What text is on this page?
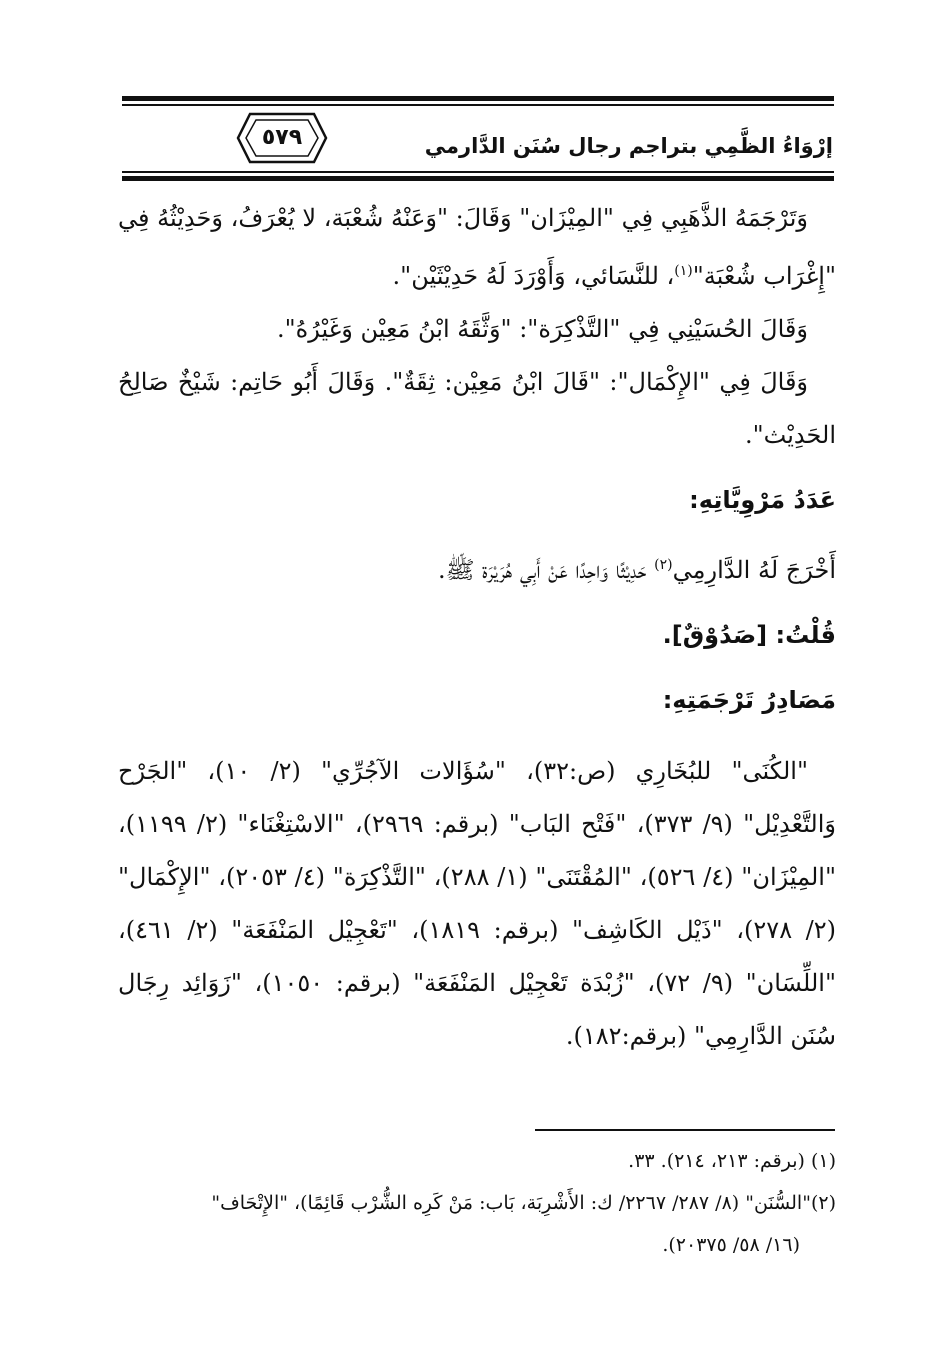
٥٧٩	إرْوَاءُ الظَّمِي بتراجم رجال سُنَن الدَّارمي

وَتَرْجَمَهُ الذَّهَبِي فِي "المِيْزَان" وَقَالَ: "وَعَنْهُ شُعْبَة، لا يُعْرَفُ، وَحَدِيْثُهُ فِي "إِغْرَاب شُعْبَة"$^{(١)}$، للنَّسَائي، وَأَوْرَدَ لَهُ حَدِيْثَيْن".

وَقَالَ الحُسَيْنِي فِي "التَّذْكِرَة": "وَثَّقَهُ ابْنُ مَعِيْن وَغَيْرُهُ".

وَقَالَ فِي "الإِكْمَال": "قَالَ ابْنُ مَعِيْن: ثِقَةٌ". وَقَالَ أَبُو حَاتِم: شَيْخٌ صَالِحُ الحَدِيْث".

عَدَدُ مَرْوِيَّاتِهِ:

أَخْرَجَ لَهُ الدَّارِمِي$^{(٢)}$ حَدِيْثًا وَاحِدًا عَنْ أَبِي هُرَيْرَة ﷺ.

قُلْتُ: [صَدُوْقٌ].

مَصَادِرُ تَرْجَمَتِهِ:

"الكُنَى" للبُخَارِي (ص:٣٢)، "سُؤَالات الآجُرِّي" (٢/ ١٠)، "الجَرْح وَالتَّعْدِيْل" (٩/ ٣٧٣)، "فَتْح البَاب" (برقم: ٢٩٦٩)، "الاسْتِغْنَاء" (٢/ ١١٩٩)، "المِيْزَان" (٤/ ٥٢٦)، "المُقْتَنَى" (١/ ٢٨٨)، "التَّذْكِرَة" (٤/ ٢٠٥٣)، "الإِكْمَال" (٢/ ٢٧٨)، "ذَيْل الكَاشِف" (برقم: ١٨١٩)، "تَعْجِيْل المَنْفَعَة" (٢/ ٤٦١)، "اللِّسَان" (٩/ ٧٢)، "زُبْدَة تَعْجِيْل المَنْفَعَة" (برقم: ١٠٥٠)، "زَوَائِد رِجَال سُنَن الدَّارِمِي" (برقم:١٨٢).

(١) (برقم: ٢١٣، ٢١٤). ٣٣.

(٢)"السُّنَن" (٨/ ٢٨٧/ ٢٢٦٧/ ك: الأَشْرِبَة، بَاب: مَنْ كَرِه الشُّرْب قَائِمًا)، "الإِتْحَاف"

(١٦/ ٥٨/ ٢٠٣٧٥).
